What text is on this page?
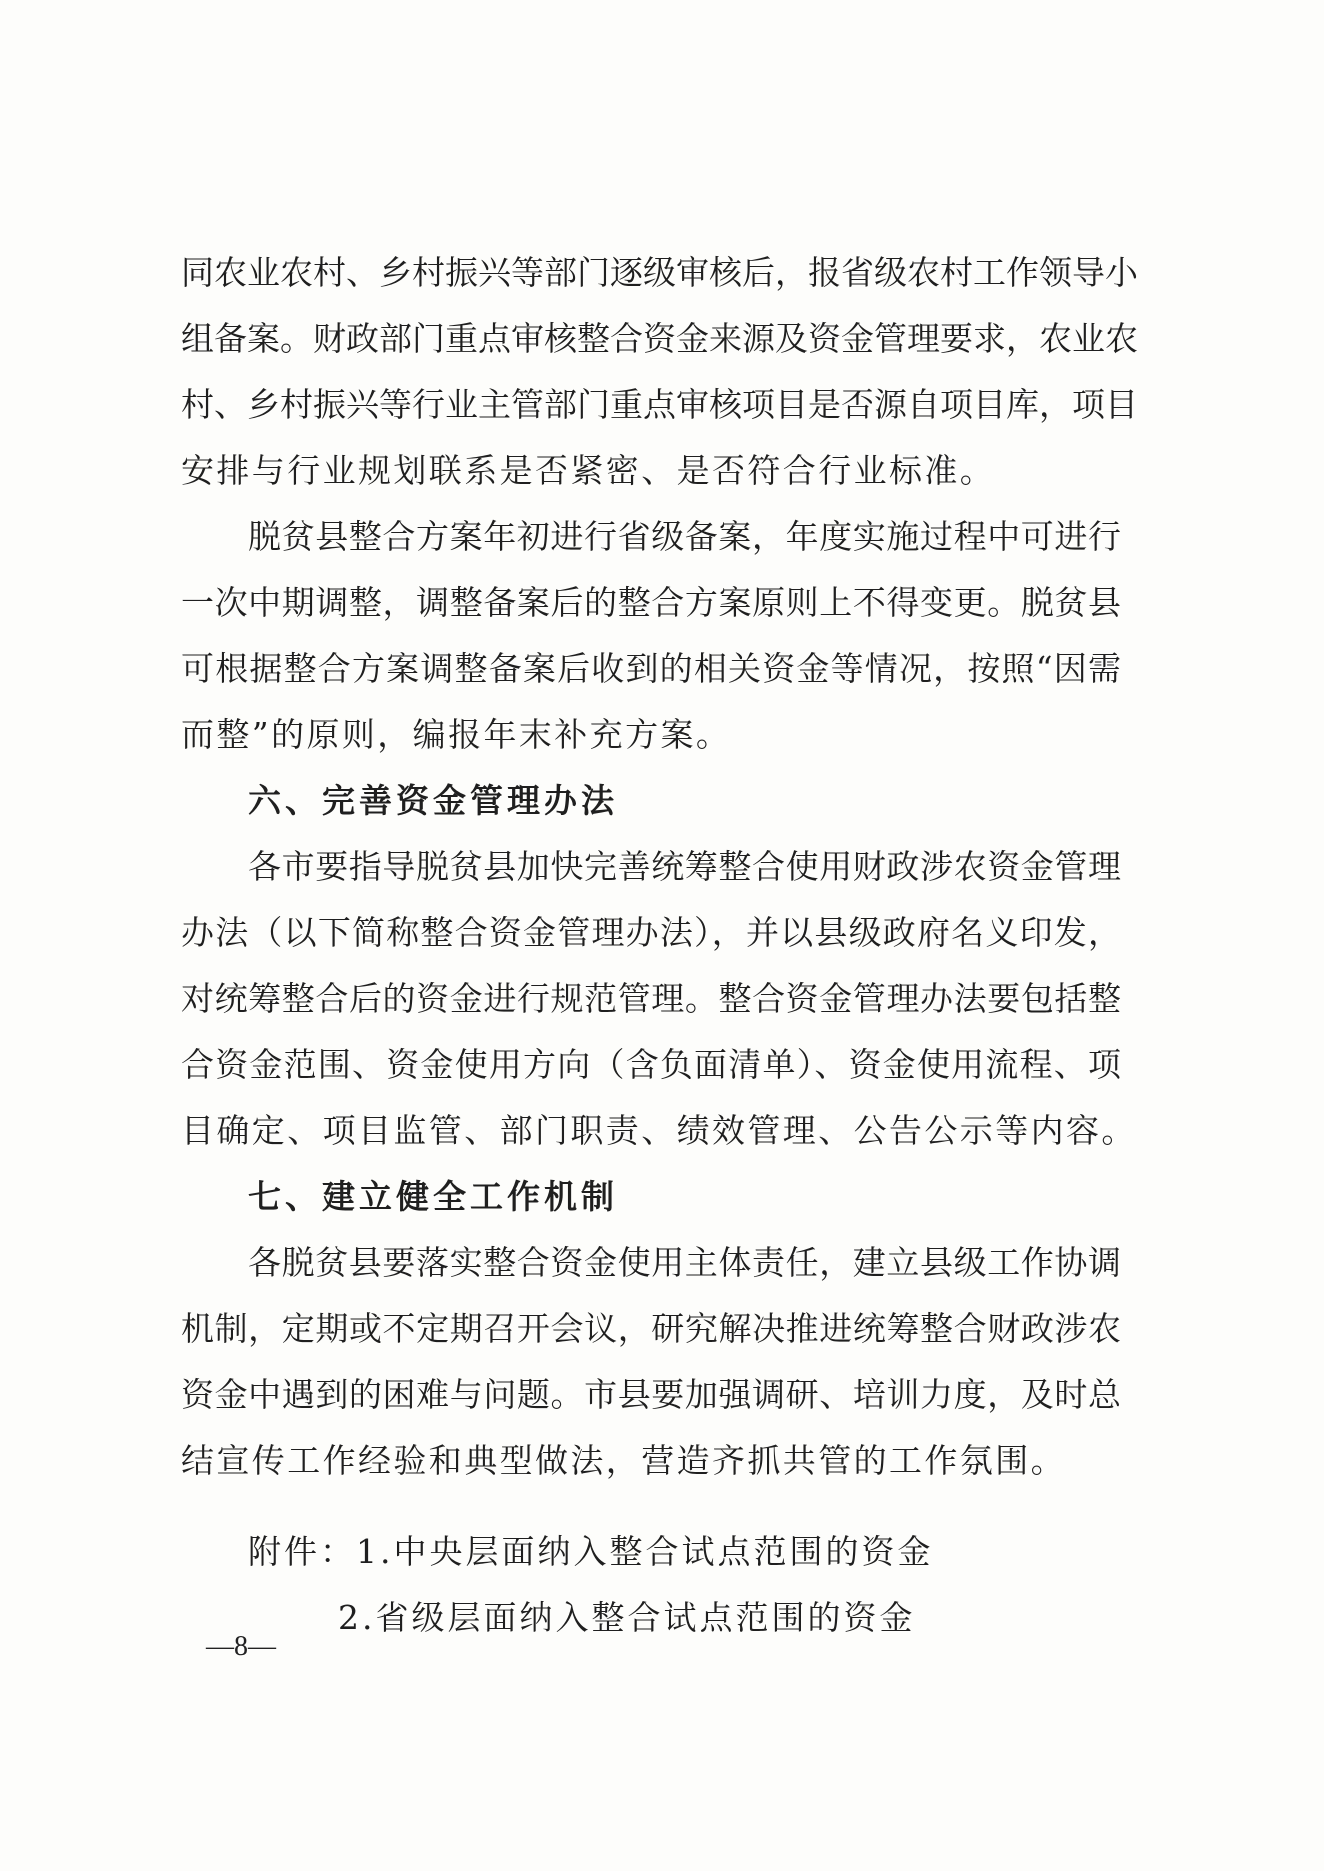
同农业农村、乡村振兴等部门逐级审核后，报省级农村工作领导小
组备案。财政部门重点审核整合资金来源及资金管理要求，农业农
村、乡村振兴等行业主管部门重点审核项目是否源自项目库，项目
安排与行业规划联系是否紧密、是否符合行业标准。
脱贫县整合方案年初进行省级备案，年度实施过程中可进行
一次中期调整，调整备案后的整合方案原则上不得变更。脱贫县
可根据整合方案调整备案后收到的相关资金等情况，按照“因需
而整”的原则，编报年末补充方案。
六、完善资金管理办法
各市要指导脱贫县加快完善统筹整合使用财政涉农资金管理
办法（以下简称整合资金管理办法），并以县级政府名义印发，
对统筹整合后的资金进行规范管理。整合资金管理办法要包括整
合资金范围、资金使用方向（含负面清单）、资金使用流程、项
目确定、项目监管、部门职责、绩效管理、公告公示等内容。
七、建立健全工作机制
各脱贫县要落实整合资金使用主体责任，建立县级工作协调
机制，定期或不定期召开会议，研究解决推进统筹整合财政涉农
资金中遇到的困难与问题。市县要加强调研、培训力度，及时总
结宣传工作经验和典型做法，营造齐抓共管的工作氛围。
附件：1.中央层面纳入整合试点范围的资金
2.省级层面纳入整合试点范围的资金
—8—
